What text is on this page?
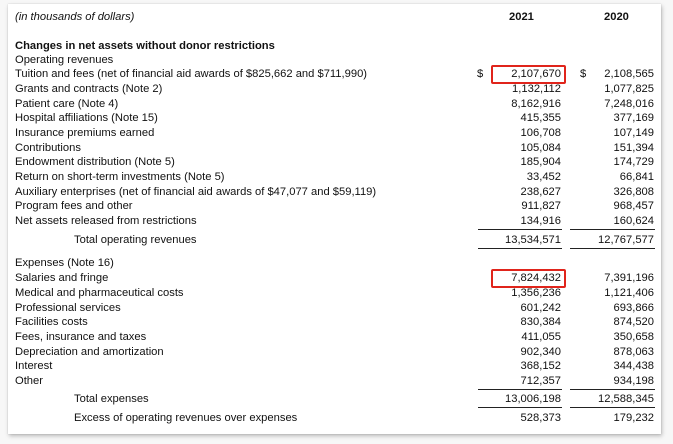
(in thousands of dollars)	2021	2020
Changes in net assets without donor restrictions
Operating revenues
Tuition and fees (net of financial aid awards of $825,662 and $711,990)	$ 2,107,670 $ 2,108,565
Grants and contracts (Note 2)	1,132,112	1,077,825
Patient care (Note 4)	8,162,916	7,248,016
Hospital affiliations (Note 15)	415,355	377,169
Insurance premiums earned	106,708	107,149
Contributions	105,084	151,394
Endowment distribution (Note 5)	185,904	174,729
Return on short-term investments (Note 5)	33,452	66,841
Auxiliary enterprises (net of financial aid awards of $47,077 and $59,119)	238,627	326,808
Program fees and other	911,827	968,457
Net assets released from restrictions	134,916	160,624
Total operating revenues	13,534,571	12,767,577
Expenses (Note 16)
Salaries and fringe	7,824,432	7,391,196
Medical and pharmaceutical costs	1,356,236	1,121,406
Professional services	601,242	693,866
Facilities costs	830,384	874,520
Fees, insurance and taxes	411,055	350,658
Depreciation and amortization	902,340	878,063
Interest	368,152	344,438
Other	712,357	934,198
Total expenses	13,006,198	12,588,345
Excess of operating revenues over expenses	528,373	179,232
